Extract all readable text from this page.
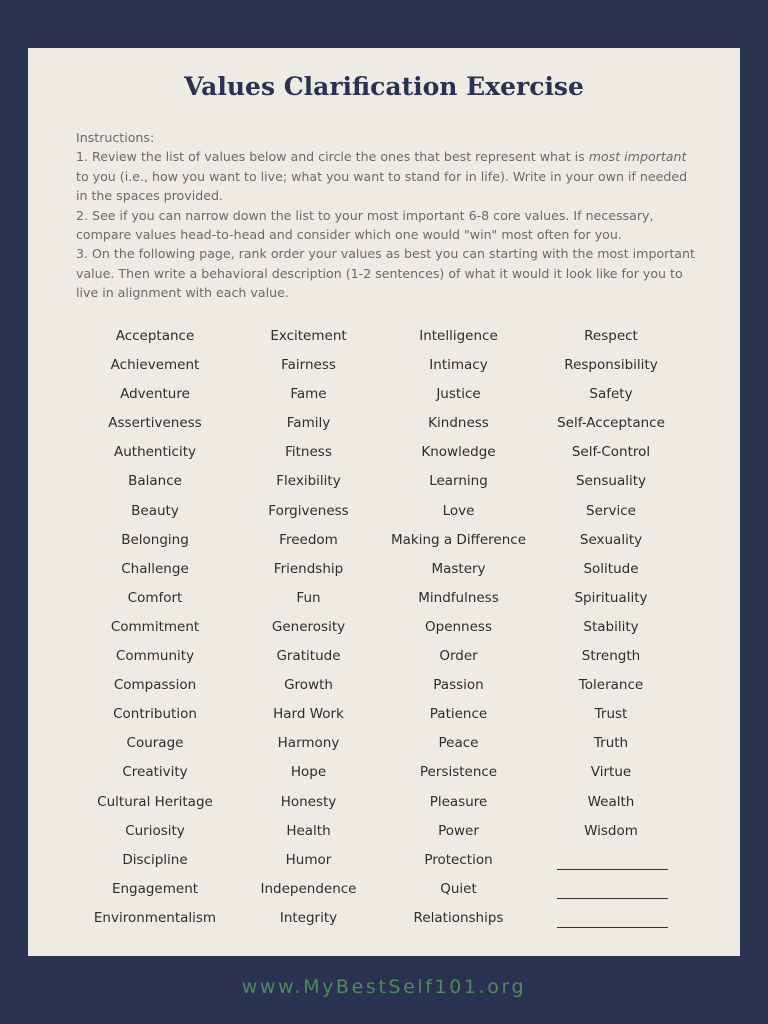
Values Clarification Exercise

Instructions:

1. Review the list of values below and circle the ones that best represent what is most important to you (i.e., how you want to live; what you want to stand for in life). Write in your own if needed in the spaces provided.

2. See if you can narrow down the list to your most important 6-8 core values. If necessary, compare values head-to-head and consider which one would "win" most often for you.

3. On the following page, rank order your values as best you can starting with the most important value. Then write a behavioral description (1-2 sentences) of what it would it look like for you to live in alignment with each value.

Acceptance
Achievement
Adventure
Assertiveness
Authenticity
Balance
Beauty
Belonging
Challenge
Comfort
Commitment
Community
Compassion
Contribution
Courage
Creativity
Cultural Heritage
Curiosity
Discipline
Engagement
Environmentalism
Excitement
Fairness
Fame
Family
Fitness
Flexibility
Forgiveness
Freedom
Friendship
Fun
Generosity
Gratitude
Growth
Hard Work
Harmony
Hope
Honesty
Health
Humor
Independence
Integrity
Intelligence
Intimacy
Justice
Kindness
Knowledge
Learning
Love
Making a Difference
Mastery
Mindfulness
Openness
Order
Passion
Patience
Peace
Persistence
Pleasure
Power
Protection
Quiet
Relationships
Respect
Responsibility
Safety
Self-Acceptance
Self-Control
Sensuality
Service
Sexuality
Solitude
Spirituality
Stability
Strength
Tolerance
Trust
Truth
Virtue
Wealth
Wisdom
www.MyBestSelf101.org
